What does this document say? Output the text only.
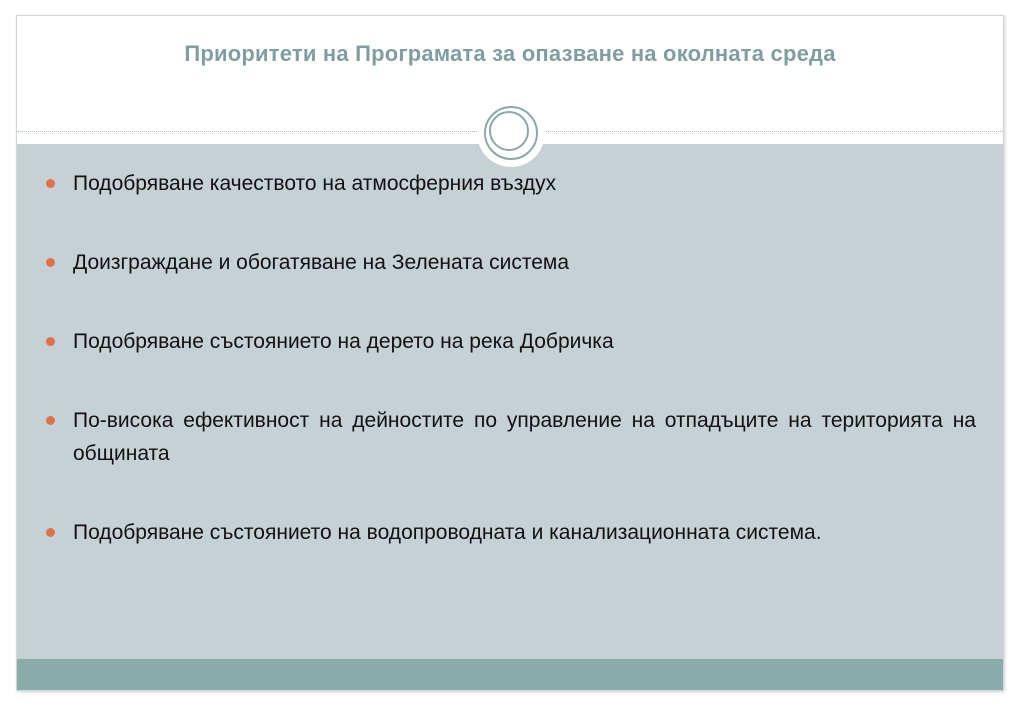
Приоритети на Програмата за опазване на околната среда
Подобряване качеството на атмосферния въздух
Доизграждане и обогатяване на Зелената система
Подобряване състоянието на дерето на река Добричка
По-висока ефективност на дейностите по управление на отпадъците на територията на общината
Подобряване състоянието на водопроводната и канализационната система.
